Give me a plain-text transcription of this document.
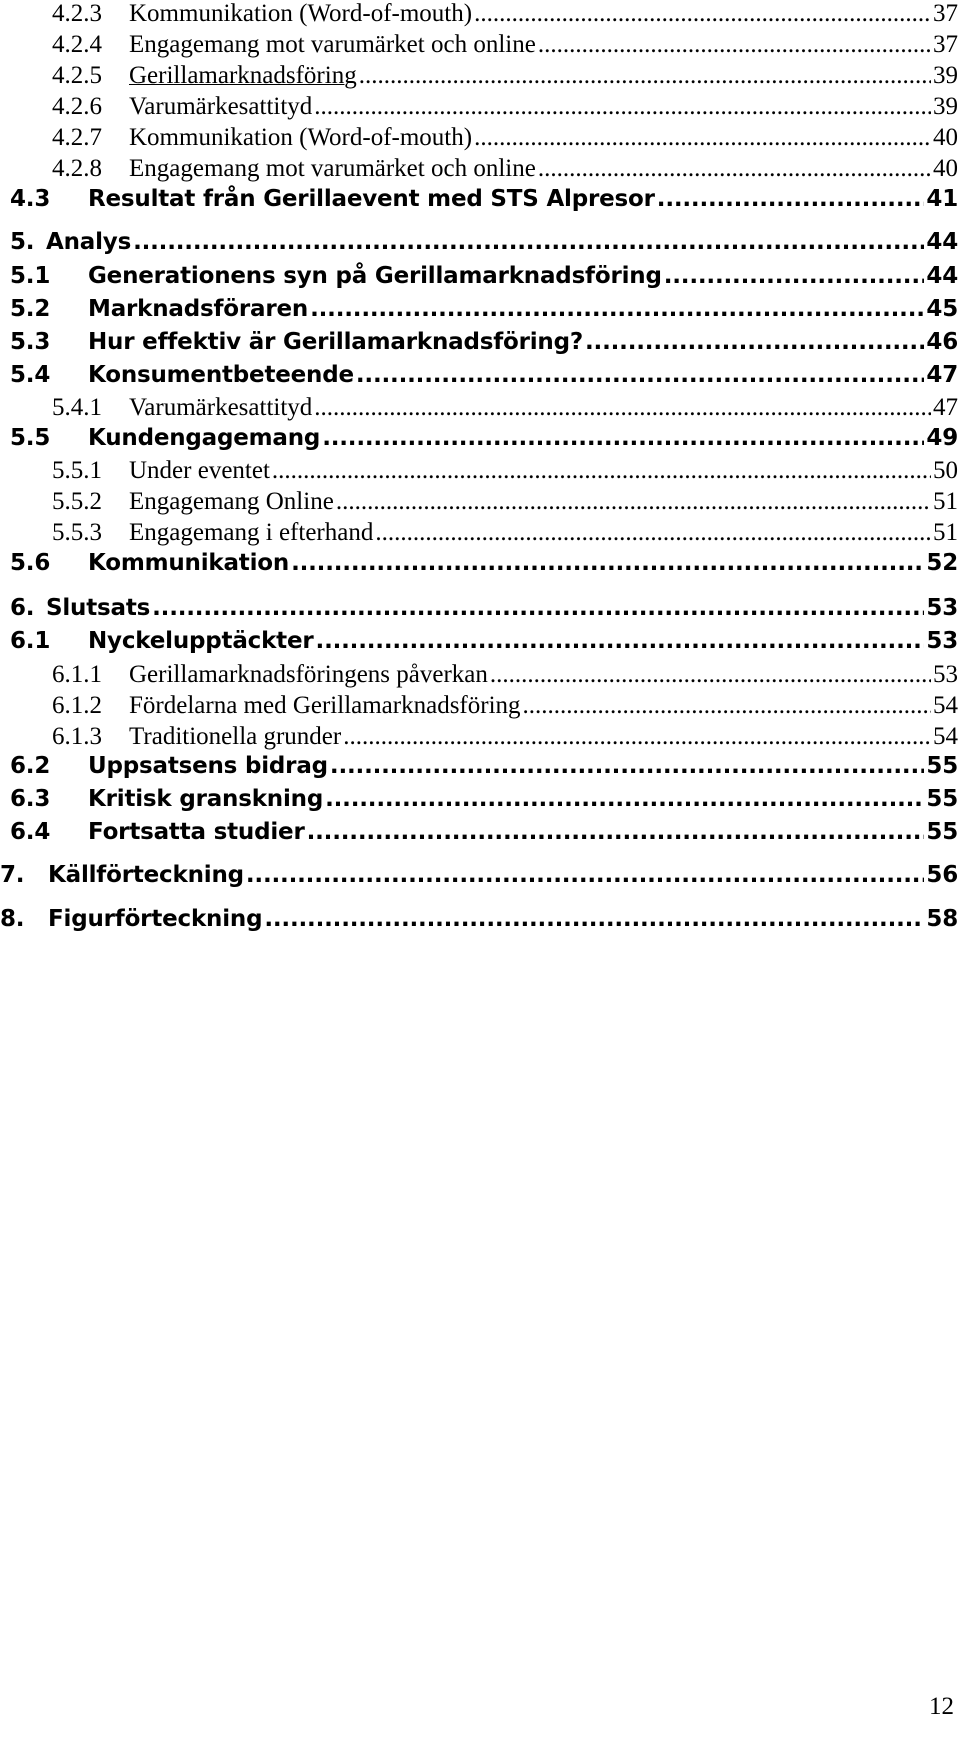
4.2.3	Kommunikation (Word-of-mouth) .....	37
4.2.4	Engagemang mot varumärket och online .....	37
4.2.5	Gerillamarknadsföring .....	39
4.2.6	Varumärkesattityd .....	39
4.2.7	Kommunikation (Word-of-mouth) .....	40
4.2.8	Engagemang mot varumärket och online .....	40
4.3	Resultat från Gerillaevent med STS Alpresor .....	41
5. Analys .....	44
5.1	Generationens syn på Gerillamarknadsföring .....	44
5.2	Marknadsföraren .....	45
5.3	Hur effektiv är Gerillamarknadsföring? .....	46
5.4	Konsumentbeteende .....	47
5.4.1	Varumärkesattityd .....	47
5.5	Kundengagemang .....	49
5.5.1	Under eventet .....	50
5.5.2	Engagemang Online .....	51
5.5.3	Engagemang i efterhand .....	51
5.6	Kommunikation .....	52
6. Slutsats .....	53
6.1	Nyckelupptäckter .....	53
6.1.1	Gerillamarknadsföringens påverkan .....	53
6.1.2	Fördelarna med Gerillamarknadsföring .....	54
6.1.3	Traditionella grunder .....	54
6.2	Uppsatsens bidrag .....	55
6.3	Kritisk granskning .....	55
6.4	Fortsatta studier .....	55
7.	Källförteckning .....	56
8.	Figurförteckning .....	58
12
